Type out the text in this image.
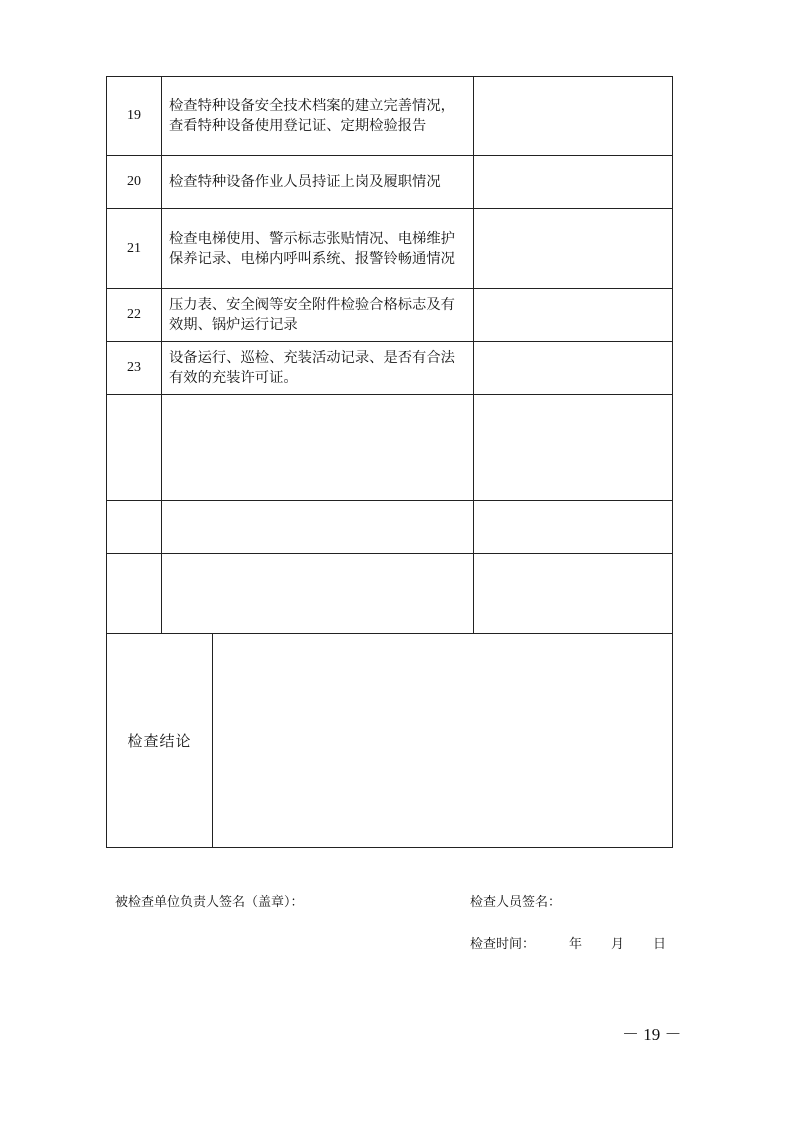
19	检查特种设备安全技术档案的建立完善情况，查看特种设备使用登记证、定期检验报告		

20	检查特种设备作业人员持证上岗及履职情况		

21	检查电梯使用、警示标志张贴情况、电梯维护保养记录、电梯内呼叫系统、报警铃畅通情况		

22	压力表、安全阀等安全附件检验合格标志及有效期、锅炉运行记录		

23	设备运行、巡检、充装活动记录、是否有合法有效的充装许可证。		

检查结论			
被检查单位负责人签名（盖章）：	检查人员签名：
检查时间：	年 月 日
－ 19 －
